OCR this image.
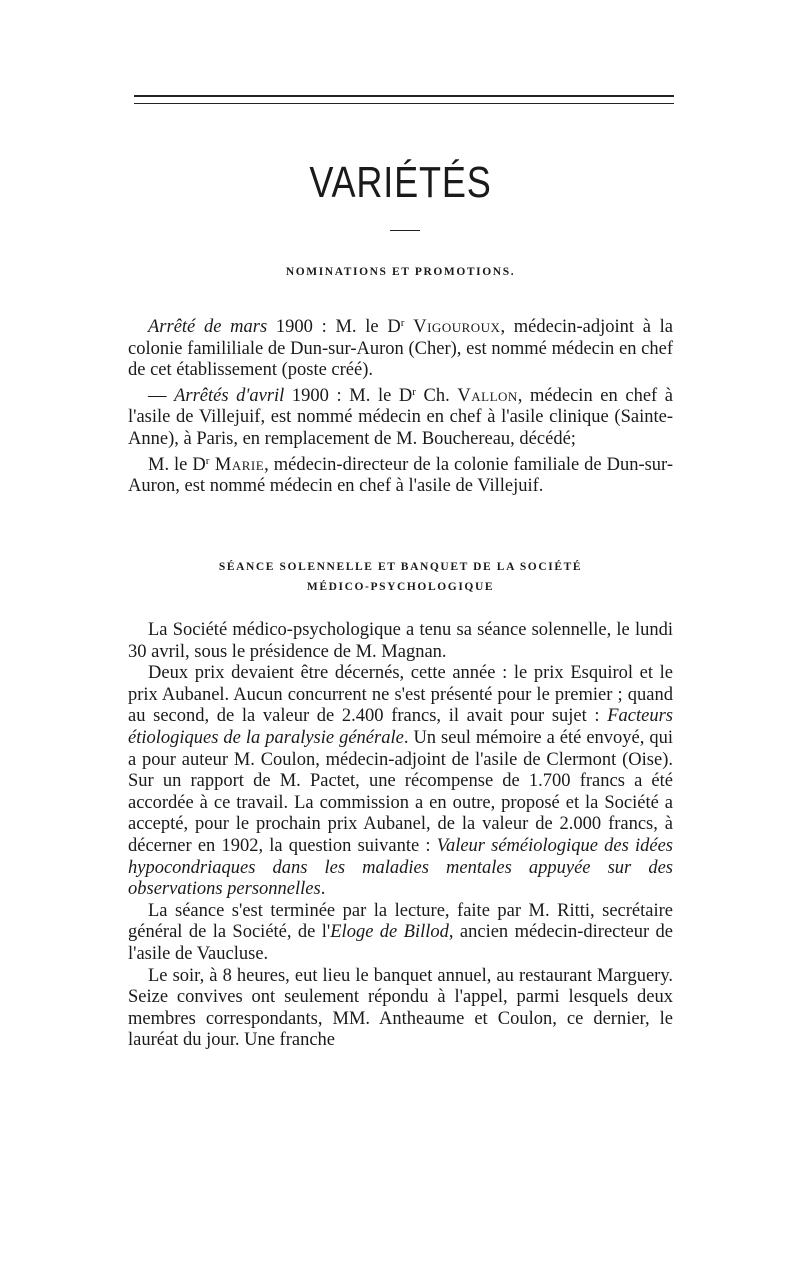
VARIÉTÉS
NOMINATIONS ET PROMOTIONS.

Arrêté de mars 1900 : M. le $D^r$ Vigouroux, médecin-adjoint à la colonie famililiale de Dun-sur-Auron (Cher), est nommé médecin en chef de cet établissement (poste créé).

— Arrêtés d'avril 1900 : M. le $D^r$ Ch. Vallon, médecin en chef à l'asile de Villejuif, est nommé médecin en chef à l'asile clinique (Sainte-Anne), à Paris, en remplacement de M. Bouchereau, décédé;

M. le $D^r$ Marie, médecin-directeur de la colonie familiale de Dun-sur-Auron, est nommé médecin en chef à l'asile de Villejuif.

SÉANCE SOLENNELLE ET BANQUET DE LA SOCIÉTÉ
MÉDICO-PSYCHOLOGIQUE

La Société médico-psychologique a tenu sa séance solennelle, le lundi 30 avril, sous le présidence de M. Magnan.

Deux prix devaient être décernés, cette année : le prix Esquirol et le prix Aubanel. Aucun concurrent ne s'est présenté pour le premier ; quand au second, de la valeur de 2.400 francs, il avait pour sujet : Facteurs étiologiques de la paralysie générale. Un seul mémoire a été envoyé, qui a pour auteur M. Coulon, médecin-adjoint de l'asile de Clermont (Oise). Sur un rapport de M. Pactet, une récompense de 1.700 francs a été accordée à ce travail. La commission a en outre, proposé et la Société a accepté, pour le prochain prix Aubanel, de la valeur de 2.000 francs, à décerner en 1902, la question suivante : Valeur séméiologique des idées hypocondriaques dans les maladies mentales appuyée sur des observations personnelles.

La séance s'est terminée par la lecture, faite par M. Ritti, secrétaire général de la Société, de l'Eloge de Billod, ancien médecin-directeur de l'asile de Vaucluse.

Le soir, à 8 heures, eut lieu le banquet annuel, au restaurant Marguery. Seize convives ont seulement répondu à l'appel, parmi lesquels deux membres correspondants, MM. Antheaume et Coulon, ce dernier, le lauréat du jour. Une franche
